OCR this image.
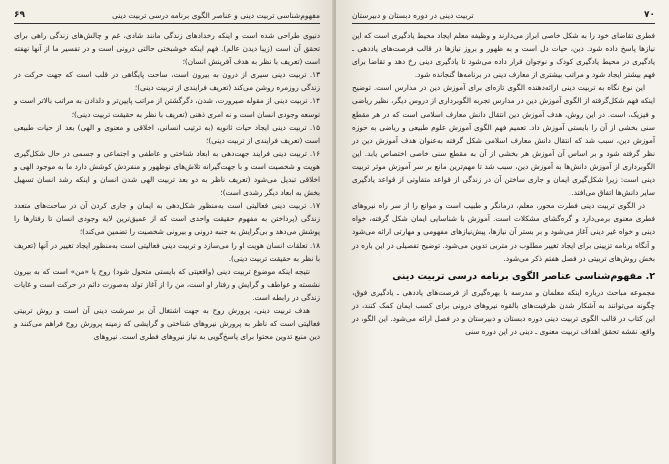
مفهوم‌شناسی تربیت دینی و عناصر الگوی برنامه درسی تربیت دینی
۶۹

دنیوی طراحی شده است و اینکه رخدادهای زندگی مانند شادی، غم و چالش‌های زندگی راهی برای تحقق آن است (زیبا دیدن عالم). فهم اینکه خوشبختی حالتی درونی است و در تفسیر ما از آنها نهفته است (تعریف با نظر به هدف آفرینش انسان)؛

۱۳. تربیت دینی سیری از درون به بیرون است، ساحت پایگاهی در قلب است که جهت حرکت در زندگی روزمره روشن می‌کند (تعریف فرایندی از تربیت دینی)؛

۱۴. تربیت دینی از مقوله صیرورت، شدن، دگرگشتن از مراتب پایین‌تر و دلدادن به مراتب بالاتر است و توسعه وجودی انسان است و نه امری ذهنی (تعریف با نظر به حقیقت تربیت دینی)؛

۱۵. تربیت دینی ایجاد حیات ثانویه (به ترتیب انسانی، اخلاقی و معنوی و الهی) بعد از حیات طبیعی است (تعریف فرایندی از تربیت دینی)؛

۱۶. تربیت دینی فرایند جهت‌دهی به ابعاد شناختی و عاطفی و اجتماعی و جسمی در حال شکل‌گیری هویت و شخصیت است و با جهت‌گیرانه تلاش‌های نوظهور و منفردش کوشش دارد ما به موجود الهی و اخلاقی تبدیل می‌شود (تعریف ناظر به دو بعد تربیت الهی شدن انسان و اینکه رشد انسان تسهیل بخش به ابعاد دیگر رشدی است)؛

۱۷. تربیت دینی فعالیتی است به‌منظور شکل‌دهی به ایمان و جاری کردن آن در ساحت‌های متعدد زندگی (پرداختن به مفهوم حقیقت واحدی است که از عمیق‌ترین لایه وجودی انسان تا رفتارها را پوشش می‌دهد و بی‌گرایش به جنبه درونی و بیرونی شخصیت را تضمین می‌کند)؛

۱۸. تعلقات انسان هویت او را می‌سازد و تربیت دینی فعالیتی است به‌منظور ایجاد تغییر در آنها (تعریف با نظر به حقیقت تربیت دینی).

نتیجه اینکه موضوع تربیت دینی (واقعیتی که بایستی متحول شود) روح یا «من» است که به بیرون نشسته و عواطف و گرایش و رفتار او است، من را از آغاز تولد به‌صورت دائم در حرکت است و غایات زندگی در رابطه است.

هدف تربیت دینی، پرورش روح به جهت اشتغال آن بر سرشت دینی آن است و روش تربیتی فعالیتی است که ناظر به پرورش نیروهای شناختی و گرایشی که زمینه پرورش روح فراهم می‌کنند و دین منبع تدوین محتوا برای پاسخ‌گویی به نیاز نیروهای فطری است. نیروهای

۷۰
تربیت دینی در دوره دبستان و دبیرستان

فطری تقاضای خود را به شکل خاصی ابراز می‌دارند و وظیفه معلم ایجاد محیط یادگیری است که این نیازها پاسخ داده شود. دین، حیات دل است و به ظهور و بروز نیازها در قالب فرصت‌های یاددهی ـ یادگیری در محیط یادگیری کودک و نوجوان قرار داده می‌شود تا یادگیری دینی رخ دهد و تقاضا برای فهم بیشتر ایجاد شود و مراتب بیشتری از معارف دینی در برنامه‌ها گنجانده شود.

این نوع نگاه به تربیت دینی ارائه‌دهنده الگوی تازه‌ای برای آموزش دین در مدارس است. توضیح اینکه فهم شکل‌گرفته از الگوی آموزش دین در مدارس تجربه الگوبرداری از دروس دیگر، نظیر ریاضی و فیزیک، است. در این روش، هدف آموزش دین انتقال دانش معارف اسلامی است که در هر مقطع سنی بخشی از آن را بایستی آموزش داد. تعمیم فهم الگوی آموزش علوم طبیعی و ریاضی به حوزه آموزش دین، سبب شد که انتقال دانش معارف اسلامی شکل گرفته به‌عنوان هدف آموزش دین در نظر گرفته شود و بر اساس آن آموزش هر بخشی از آن به مقطع سنی خاصی اختصاص یابد. این الگوبرداری از آموزش دانش‌ها به آموزش دین، سبب شد تا مهم‌ترین مانع بر سر آموزش موثر تربیت دینی است: زیرا شکل‌گیری ایمان و جاری ساختن آن در زندگی از قواعد متفاوتی از قواعد یادگیری سایر دانش‌ها اتفاق می‌افتد.

در الگوی تربیت دینی فطرت محور، معلم، درمانگر و طبیب است و موانع را از سر راه نیروهای فطری معنوی برمی‌دارد و گره‌گشای مشکلات است. آموزش با شناسایی ایمان شکل گرفته، خواه دینی و خواه غیر دینی آغاز می‌شود و بر بستر آن نیازها، پیش‌نیازهای مفهومی و مهارتی ارائه می‌شود و آنگاه برنامه تزیینی برای ایجاد تغییر مطلوب در متربی تدوین می‌شود. توضیح تفصیلی در این باره در بخش روش‌های تربیتی در فصل هفتم ذکر می‌شود.

۲. مفهوم‌شناسی عناصر الگوی برنامه درسی تربیت دینی

مجموعه مباحث درباره اینکه معلمان و مدرسه با بهره‌گیری از فرصت‌های یاددهی ـ یادگیری فوق، چگونه می‌توانند به آشکار شدن ظرفیت‌های بالقوه نیروهای درونی برای کسب ایمان کمک کنند، در این کتاب در قالب الگوی تربیت دینی دوره دبستان و دبیرستان و در فصل ارائه می‌شود. این الگو، در واقع، نقشه تحقق اهداف تربیت معنوی ـ دینی در این دوره سنی
